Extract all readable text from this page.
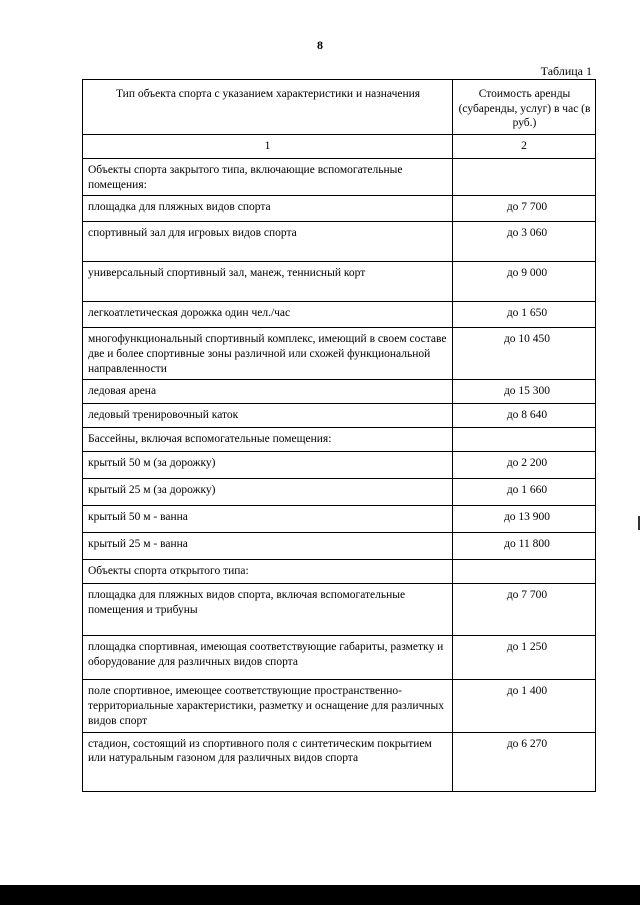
8
Таблица 1
Тип объекта спорта с указанием характеристики и назначения	Стоимость аренды (субаренды, услуг) в час (в руб.)
1	2
Объекты спорта закрытого типа, включающие вспомогательные помещения:	
площадка для пляжных видов спорта	до 7 700
спортивный зал для игровых видов спорта	до 3 060
универсальный спортивный зал, манеж, теннисный корт	до 9 000
легкоатлетическая дорожка один чел./час	до 1 650
многофункциональный спортивный комплекс, имеющий в своем составе две и более спортивные зоны различной или схожей функциональной направленности	до 10 450
ледовая арена	до 15 300
ледовый тренировочный каток	до 8 640
Бассейны, включая вспомогательные помещения:	
крытый 50 м (за дорожку)	до 2 200
крытый 25 м (за дорожку)	до 1 660
крытый 50 м - ванна	до 13 900
крытый 25 м - ванна	до 11 800
Объекты спорта открытого типа:	
площадка для пляжных видов спорта, включая вспомогательные помещения и трибуны	до 7 700
площадка спортивная, имеющая соответствующие габариты, разметку и оборудование для различных видов спорта	до 1 250
поле спортивное, имеющее соответствующие пространственно-территориальные характеристики, разметку и оснащение для различных видов спорт	до 1 400
стадион, состоящий из спортивного поля с синтетическим покрытием или натуральным газоном для различных видов спорта	до 6 270
